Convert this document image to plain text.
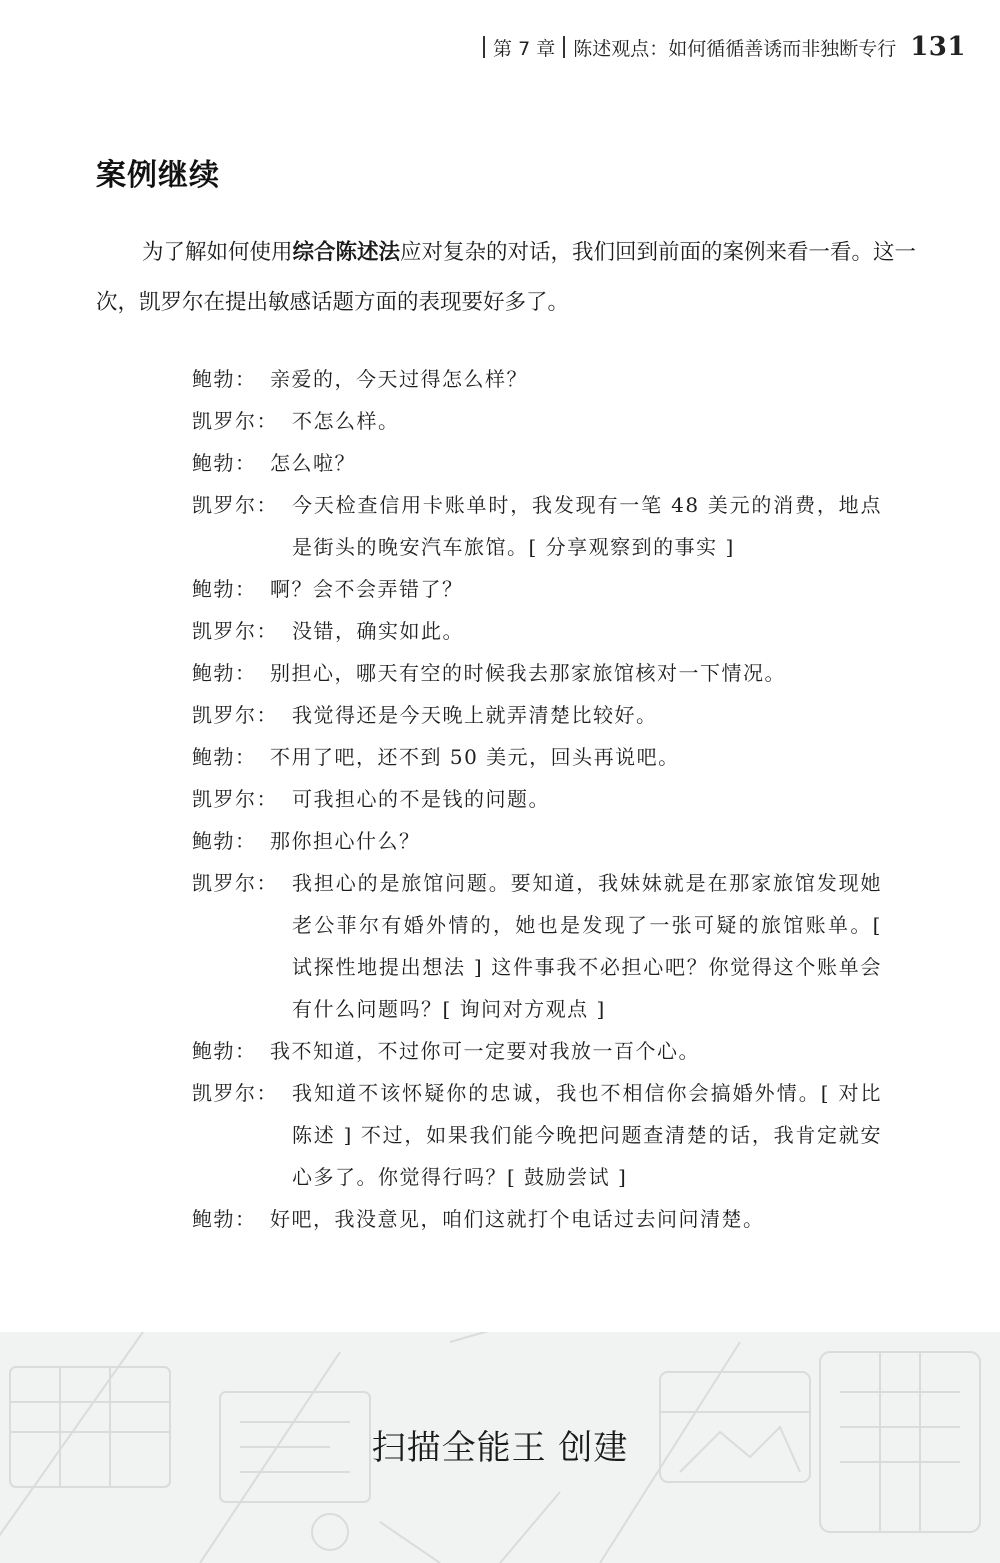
第 7 章 陈述观点：如何循循善诱而非独断专行 131
案例继续

为了解如何使用综合陈述法应对复杂的对话，我们回到前面的案例来看一看。这一次，凯罗尔在提出敏感话题方面的表现要好多了。

鲍勃： 亲爱的，今天过得怎么样？
凯罗尔： 不怎么样。
鲍勃： 怎么啦？
凯罗尔： 今天检查信用卡账单时，我发现有一笔 48 美元的消费，地点是街头的晚安汽车旅馆。[ 分享观察到的事实 ]
鲍勃： 啊？会不会弄错了？
凯罗尔： 没错，确实如此。
鲍勃： 别担心，哪天有空的时候我去那家旅馆核对一下情况。
凯罗尔： 我觉得还是今天晚上就弄清楚比较好。
鲍勃： 不用了吧，还不到 50 美元，回头再说吧。
凯罗尔： 可我担心的不是钱的问题。
鲍勃： 那你担心什么？
凯罗尔： 我担心的是旅馆问题。要知道，我妹妹就是在那家旅馆发现她老公菲尔有婚外情的，她也是发现了一张可疑的旅馆账单。[ 试探性地提出想法 ] 这件事我不必担心吧？你觉得这个账单会有什么问题吗？[ 询问对方观点 ]
鲍勃： 我不知道，不过你可一定要对我放一百个心。
凯罗尔： 我知道不该怀疑你的忠诚，我也不相信你会搞婚外情。[ 对比陈述 ] 不过，如果我们能今晚把问题查清楚的话，我肯定就安心多了。你觉得行吗？[ 鼓励尝试 ]
鲍勃： 好吧，我没意见，咱们这就打个电话过去问问清楚。
扫描全能王 创建
